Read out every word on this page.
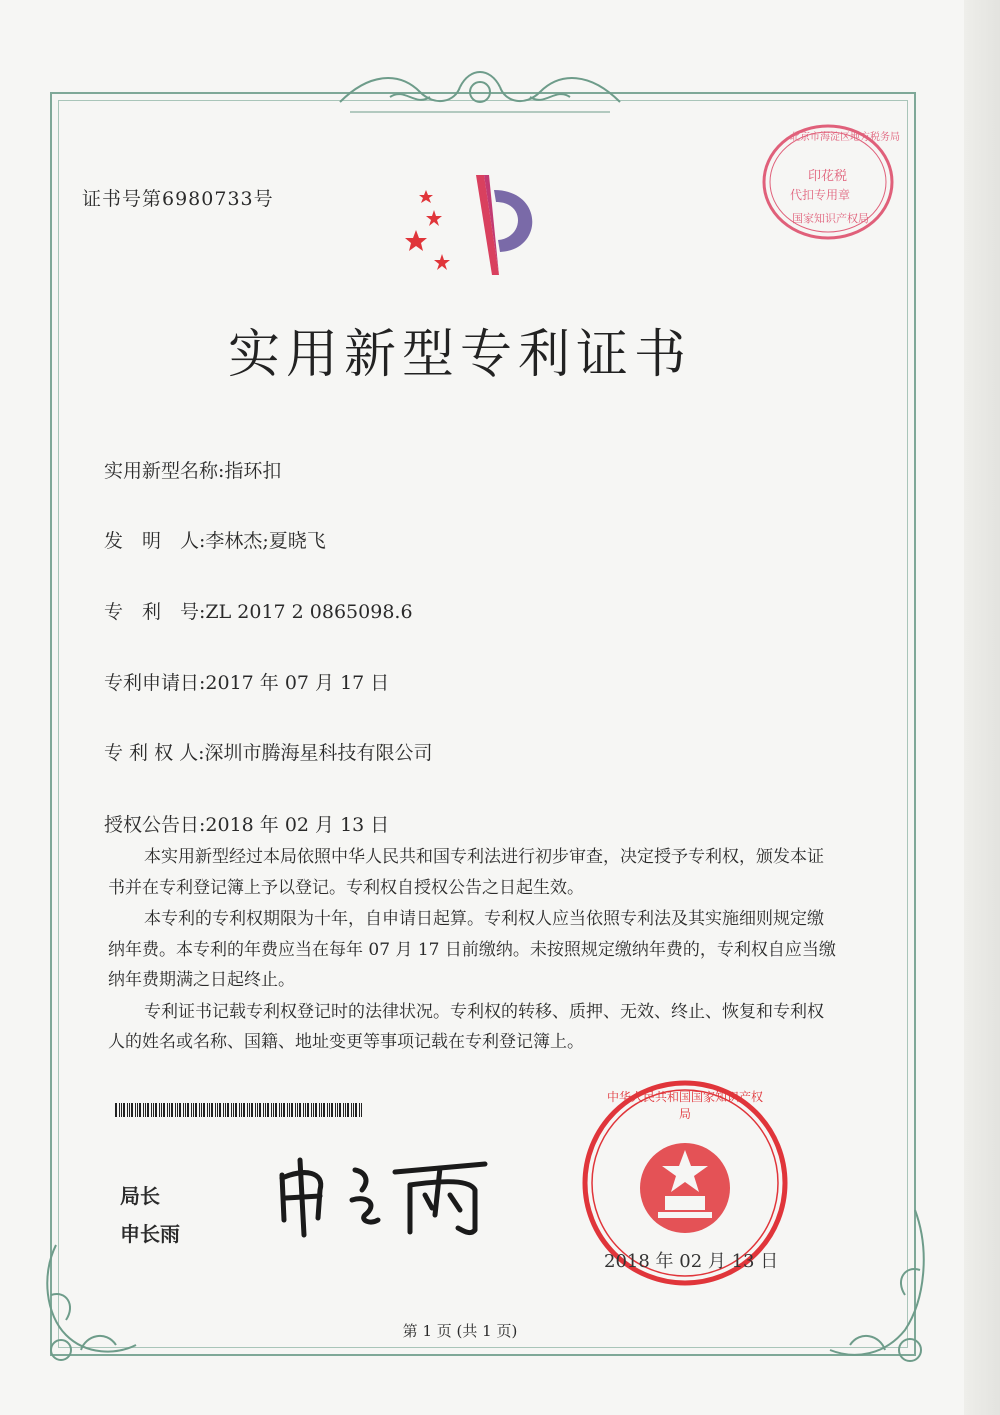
证书号第6980733号
北京市海淀区地方税务局
印花税
代扣专用章
国家知识产权局
实用新型专利证书
实用新型名称:指环扣
发　明　人:李林杰;夏晓飞
专　利　号:ZL 2017 2 0865098.6
专利申请日:2017 年 07 月 17 日
专 利 权 人:深圳市腾海星科技有限公司
授权公告日:2018 年 02 月 13 日

本实用新型经过本局依照中华人民共和国专利法进行初步审查，决定授予专利权，颁发本证书并在专利登记簿上予以登记。专利权自授权公告之日起生效。

本专利的专利权期限为十年，自申请日起算。专利权人应当依照专利法及其实施细则规定缴纳年费。本专利的年费应当在每年 07 月 17 日前缴纳。未按照规定缴纳年费的，专利权自应当缴纳年费期满之日起终止。

专利证书记载专利权登记时的法律状况。专利权的转移、质押、无效、终止、恢复和专利权人的姓名或名称、国籍、地址变更等事项记载在专利登记簿上。

局长
申长雨
中华人民共和国国家知识产权局
2018 年 02 月 13 日
第 1 页 (共 1 页)
